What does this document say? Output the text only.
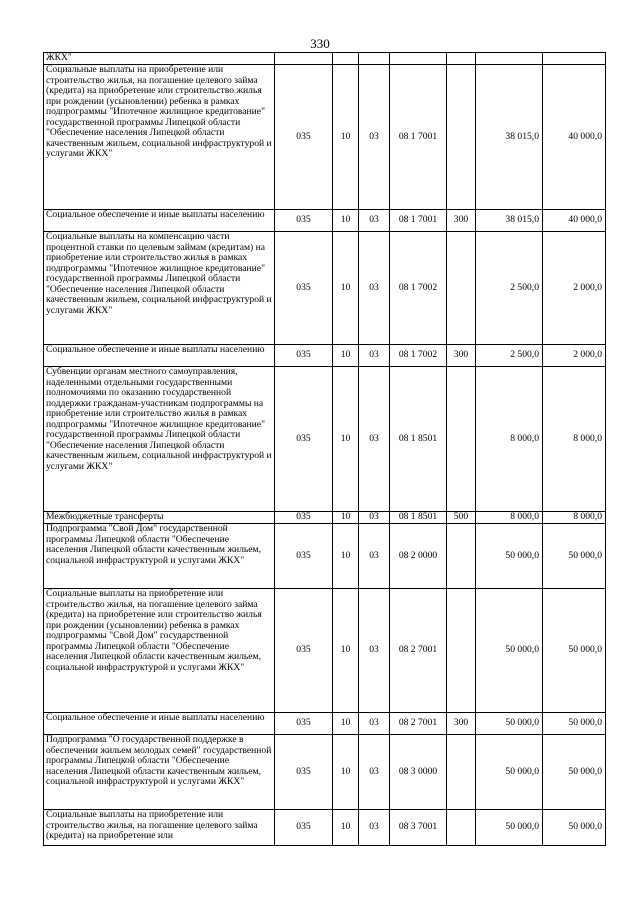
330
ЖКХ"							
Социальные выплаты на приобретение или строительство жилья, на погашение целевого займа (кредита) на приобретение или строительство жилья при рождении (усыновлении) ребенка в рамках подпрограммы "Ипотечное жилищное кредитование" государственной программы Липецкой области "Обеспечение населения Липецкой области качественным жильем, социальной инфраструктурой и услугами ЖКХ"	035	10	03	08 1 7001		38 015,0	40 000,0
Социальное обеспечение и иные выплаты населению	035	10	03	08 1 7001	300	38 015,0	40 000,0
Социальные выплаты на компенсацию части процентной ставки по целевым займам (кредитам) на приобретение или строительство жилья в рамках подпрограммы "Ипотечное жилищное кредитование" государственной программы Липецкой области "Обеспечение населения Липецкой области качественным жильем, социальной инфраструктурой и услугами ЖКХ"	035	10	03	08 1 7002		2 500,0	2 000,0
Социальное обеспечение и иные выплаты населению	035	10	03	08 1 7002	300	2 500,0	2 000,0
Субвенции органам местного самоуправления, наделенными отдельными государственными полномочиями по оказанию государственной поддержки гражданам-участникам подпрограммы на приобретение или строительство жилья в рамках подпрограммы "Ипотечное жилищное кредитование" государственной программы Липецкой области "Обеспечение населения Липецкой области качественным жильем, социальной инфраструктурой и услугами ЖКХ"	035	10	03	08 1 8501		8 000,0	8 000,0
Межбюджетные трансферты	035	10	03	08 1 8501	500	8 000,0	8 000,0
Подпрограмма "Свой Дом" государственной программы Липецкой области "Обеспечение населения Липецкой области качественным жильем, социальной инфраструктурой и услугами ЖКХ"	035	10	03	08 2 0000		50 000,0	50 000,0
Социальные выплаты на приобретение или строительство жилья, на погашение целевого займа (кредита) на приобретение или строительство жилья при рождении (усыновлении) ребенка в рамках подпрограммы "Свой Дом" государственной программы Липецкой области "Обеспечение населения Липецкой области качественным жильем, социальной инфраструктурой и услугами ЖКХ"	035	10	03	08 2 7001		50 000,0	50 000,0
Социальное обеспечение и иные выплаты населению	035	10	03	08 2 7001	300	50 000,0	50 000,0
Подпрограмма "О государственной поддержке в обеспечении жильем молодых семей" государственной программы Липецкой области "Обеспечение населения Липецкой области качественным жильем, социальной инфраструктурой и услугами ЖКХ"	035	10	03	08 3 0000		50 000,0	50 000,0
Социальные выплаты на приобретение или строительство жилья, на погашение целевого займа (кредита) на приобретение или	035	10	03	08 3 7001		50 000,0	50 000,0
